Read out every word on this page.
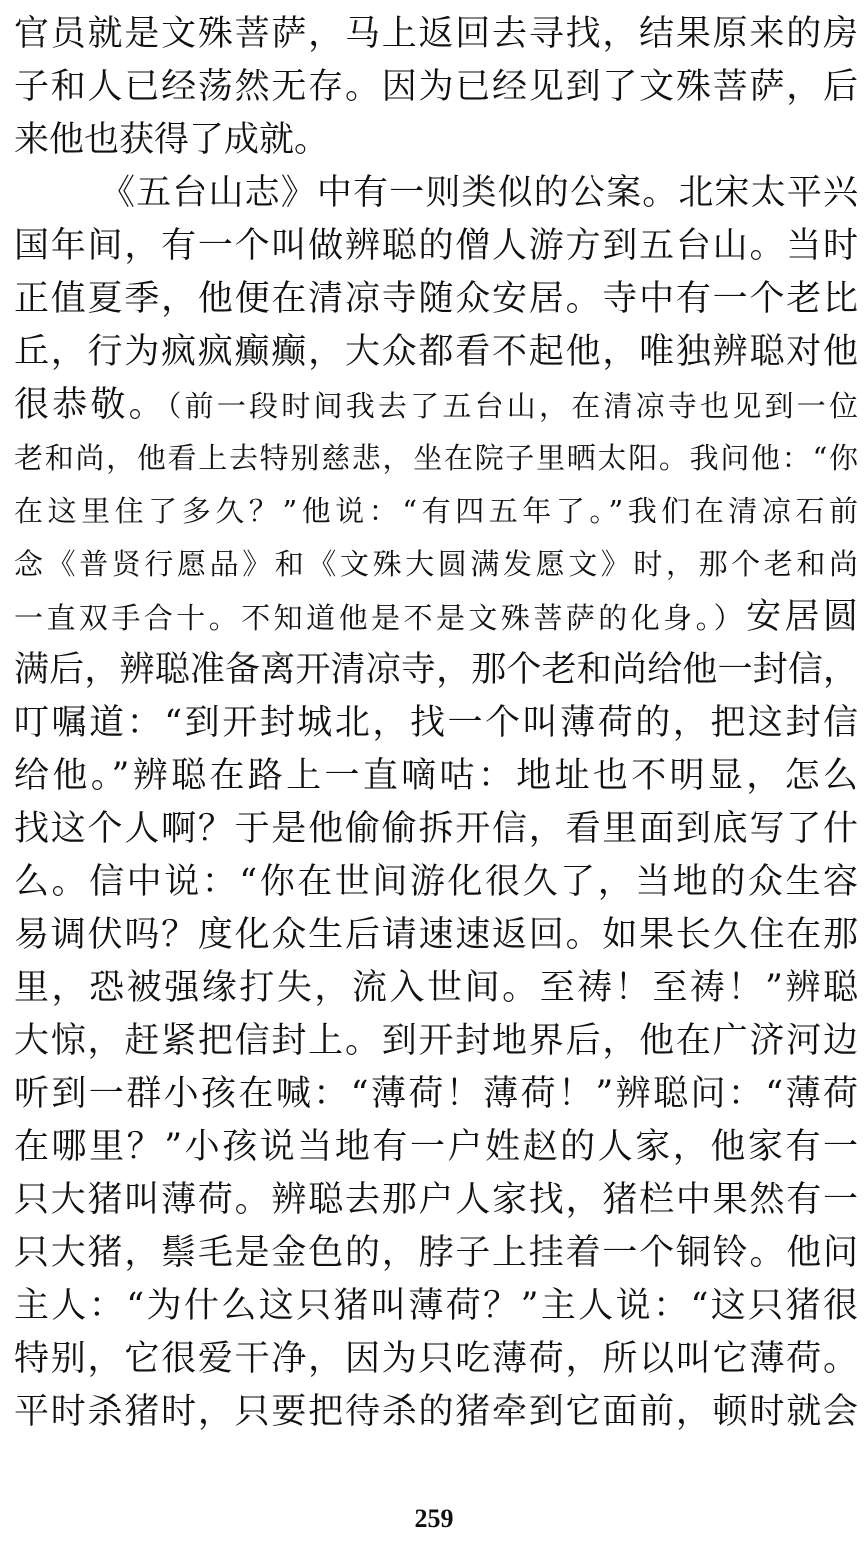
官员就是文殊菩萨，马上返回去寻找，结果原来的房
子和人已经荡然无存。因为已经见到了文殊菩萨，后
来他也获得了成就。
《五台山志》中有一则类似的公案。北宋太平兴
国年间，有一个叫做辨聪的僧人游方到五台山。当时
正值夏季，他便在清凉寺随众安居。寺中有一个老比
丘，行为疯疯癫癫，大众都看不起他，唯独辨聪对他
很恭敬。（前一段时间我去了五台山，在清凉寺也见到一位
老和尚，他看上去特别慈悲，坐在院子里晒太阳。我问他：“你
在这里住了多久？”他说：“有四五年了。”我们在清凉石前
念《普贤行愿品》和《文殊大圆满发愿文》时，那个老和尚
一直双手合十。不知道他是不是文殊菩萨的化身。）安居圆
满后，辨聪准备离开清凉寺，那个老和尚给他一封信，
叮嘱道：“到开封城北，找一个叫薄荷的，把这封信
给他。”辨聪在路上一直嘀咕：地址也不明显，怎么
找这个人啊？于是他偷偷拆开信，看里面到底写了什
么。信中说：“你在世间游化很久了，当地的众生容
易调伏吗？度化众生后请速速返回。如果长久住在那
里，恐被强缘打失，流入世间。至祷！至祷！”辨聪
大惊，赶紧把信封上。到开封地界后，他在广济河边
听到一群小孩在喊：“薄荷！薄荷！”辨聪问：“薄荷
在哪里？”小孩说当地有一户姓赵的人家，他家有一
只大猪叫薄荷。辨聪去那户人家找，猪栏中果然有一
只大猪，鬃毛是金色的，脖子上挂着一个铜铃。他问
主人：“为什么这只猪叫薄荷？”主人说：“这只猪很
特别，它很爱干净，因为只吃薄荷，所以叫它薄荷。
平时杀猪时，只要把待杀的猪牵到它面前，顿时就会
259
